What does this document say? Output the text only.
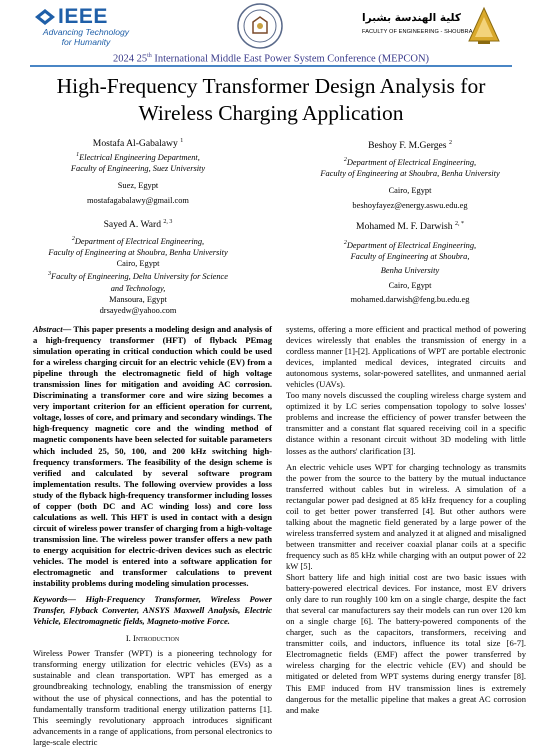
IEEE
Advancing Technology
for Humanity
كلية الهندسة بشبرا
FACULTY OF ENGINEERING - SHOUBRA
2024 25th International Middle East Power System Conference (MEPCON)
High-Frequency Transformer Design Analysis for
Wireless Charging Application
Mostafa Al-Gabalawy $^1$
$^1$Electrical Engineering Department,
Faculty of Engineering, Suez University
Suez, Egypt
mostafagabalawy@gmail.com
Beshoy F. M.Gerges $^2$
$^2$Department of Electrical Engineering,
Faculty of Engineering at Shoubra, Benha University
Cairo, Egypt
beshoyfayez@energy.aswu.edu.eg
Sayed A. Ward $^{2, 3}$
$^2$Department of Electrical Engineering,
Faculty of Engineering at Shoubra, Benha University
Cairo, Egypt
$^3$Faculty of Engineering, Delta University for Science
and Technology,
Mansoura, Egypt
drsayedw@yahoo.com
Mohamed M. F. Darwish $^{2, *}$
$^2$Department of Electrical Engineering,
Faculty of Engineering at Shoubra,
Benha University
Cairo, Egypt
mohamed.darwish@feng.bu.edu.eg

Abstract— This paper presents a modeling design and analysis of a high-frequency transformer (HFT) of flyback PEmag simulation operating in critical conduction which could be used for a wireless charging circuit for an electric vehicle (EV) from a pipeline through the electromagnetic field of high voltage transmission lines for mitigation and avoiding AC corrosion. Discriminating a transformer core and wire sizing becomes a very important criterion for an efficient operation for current, voltage, losses of core, and primary and secondary windings. The high-frequency magnetic core and the winding method of magnetic components have been selected for suitable parameters which included 25, 50, 100, and 200 kHz switching high-frequency transformers. The feasibility of the design scheme is verified and calculated by several software program implementation results. The following overview provides a loss study of the flyback high-frequency transformer including losses of copper (both DC and AC winding loss) and core loss calculations as well. This HFT is used in contact with a design circuit of wireless power transfer of charging from a high-voltage transmission line. The wireless power transfer offers a new path to energy acquisition for electric-driven devices such as electric vehicles. The model is entered into a software application for electromagnetic and transformer calculations to prevent instability problems during modeling simulation processes.

Keywords— High-Frequency Transformer, Wireless Power Transfer, Flyback Converter, ANSYS Maxwell Analysis, Electric Vehicle, Electromagnetic fields, Magneto-motive Force.

I. Introduction

Wireless Power Transfer (WPT) is a pioneering technology for transforming energy utilization for electric vehicles (EVs) as a sustainable and clean transportation. WPT has emerged as a groundbreaking technology, enabling the transmission of energy without the use of physical connections, and has the potential to fundamentally transform traditional energy utilization patterns [1]. This seemingly revolutionary approach introduces significant advancements in a range of applications, from personal electronics to large-scale electric

systems, offering a more efficient and practical method of powering devices wirelessly that enables the transmission of energy in a cordless manner [1]-[2]. Applications of WPT are portable electronic devices, implanted medical devices, integrated circuits and autonomous systems, solar-powered satellites, and unmanned aerial vehicles (UAVs).

Too many novels discussed the coupling wireless charge system and optimized it by LC series compensation topology to solve losses' problems and increase the efficiency of power transfer between the transmitter and a constant flat squared receiving coil in a specific distance within a resonant circuit without 3D modeling with little losses as the authors' clarification [3].

An electric vehicle uses WPT for charging technology as transmits the power from the source to the battery by the mutual inductance transferred without cables but in wireless. A simulation of a rectangular power pad designed at 85 kHz frequency for a coupling coil to get better power transferred [4]. But other authors were talking about the magnetic field generated by a large power of the wireless transferred system and analyzed it at aligned and misaligned between transmitter and receiver coaxial planar coils at a specific frequency such as 85 kHz while charging with an output power of 22 kW [5].

Short battery life and high initial cost are two basic issues with battery-powered electrical devices. For instance, most EV drivers only dare to run roughly 100 km on a single charge, despite the fact that several car manufacturers say their models can run over 120 km on a single charge [6]. The battery-powered components of the charger, such as the capacitors, transformers, receiving and transmitter coils, and inductors, influence its total size [6-7]. Electromagnetic fields (EMF) affect the power transferred by wireless charging for the electric vehicle (EV) and should be mitigated or deleted from WPT systems during energy transfer [8]. This EMF induced from HV transmission lines is extremely dangerous for the metallic pipeline that makes a great AC corrosion and make
